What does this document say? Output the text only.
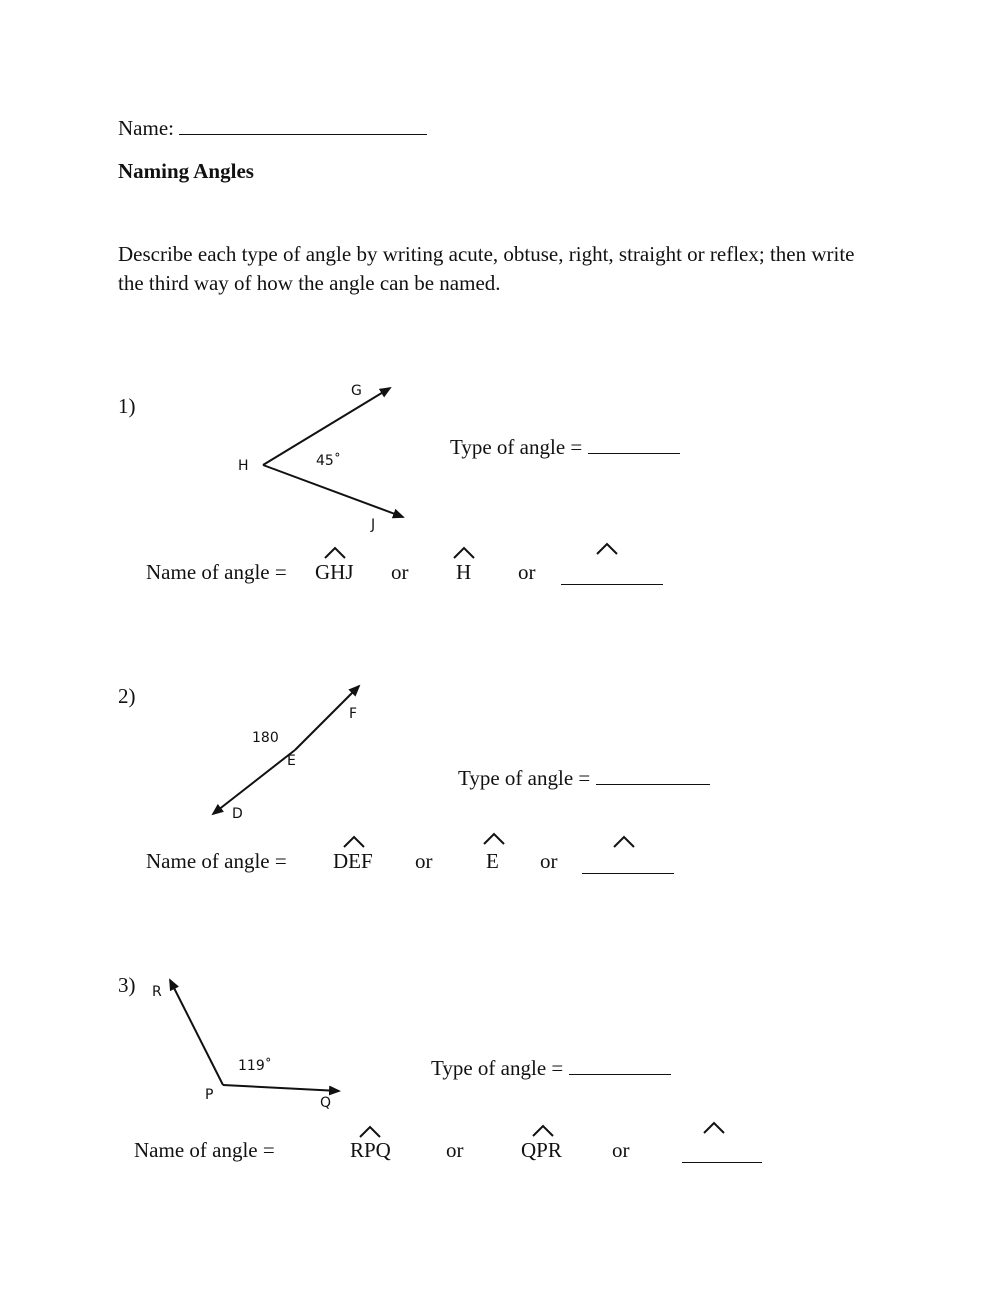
Name:
Naming Angles
Describe each type of angle by writing acute, obtuse, right, straight or reflex; then write the third way of how the angle can be named.
1)
G
H
J
45˚
Type of angle =
Name of angle = GHJ or H or
2)
F
180
E
D
Type of angle =
Name of angle = DEF or	E or
3) R
119˚
P	Q
Type of angle =
Name of angle =	RPQ	or	QPR or
